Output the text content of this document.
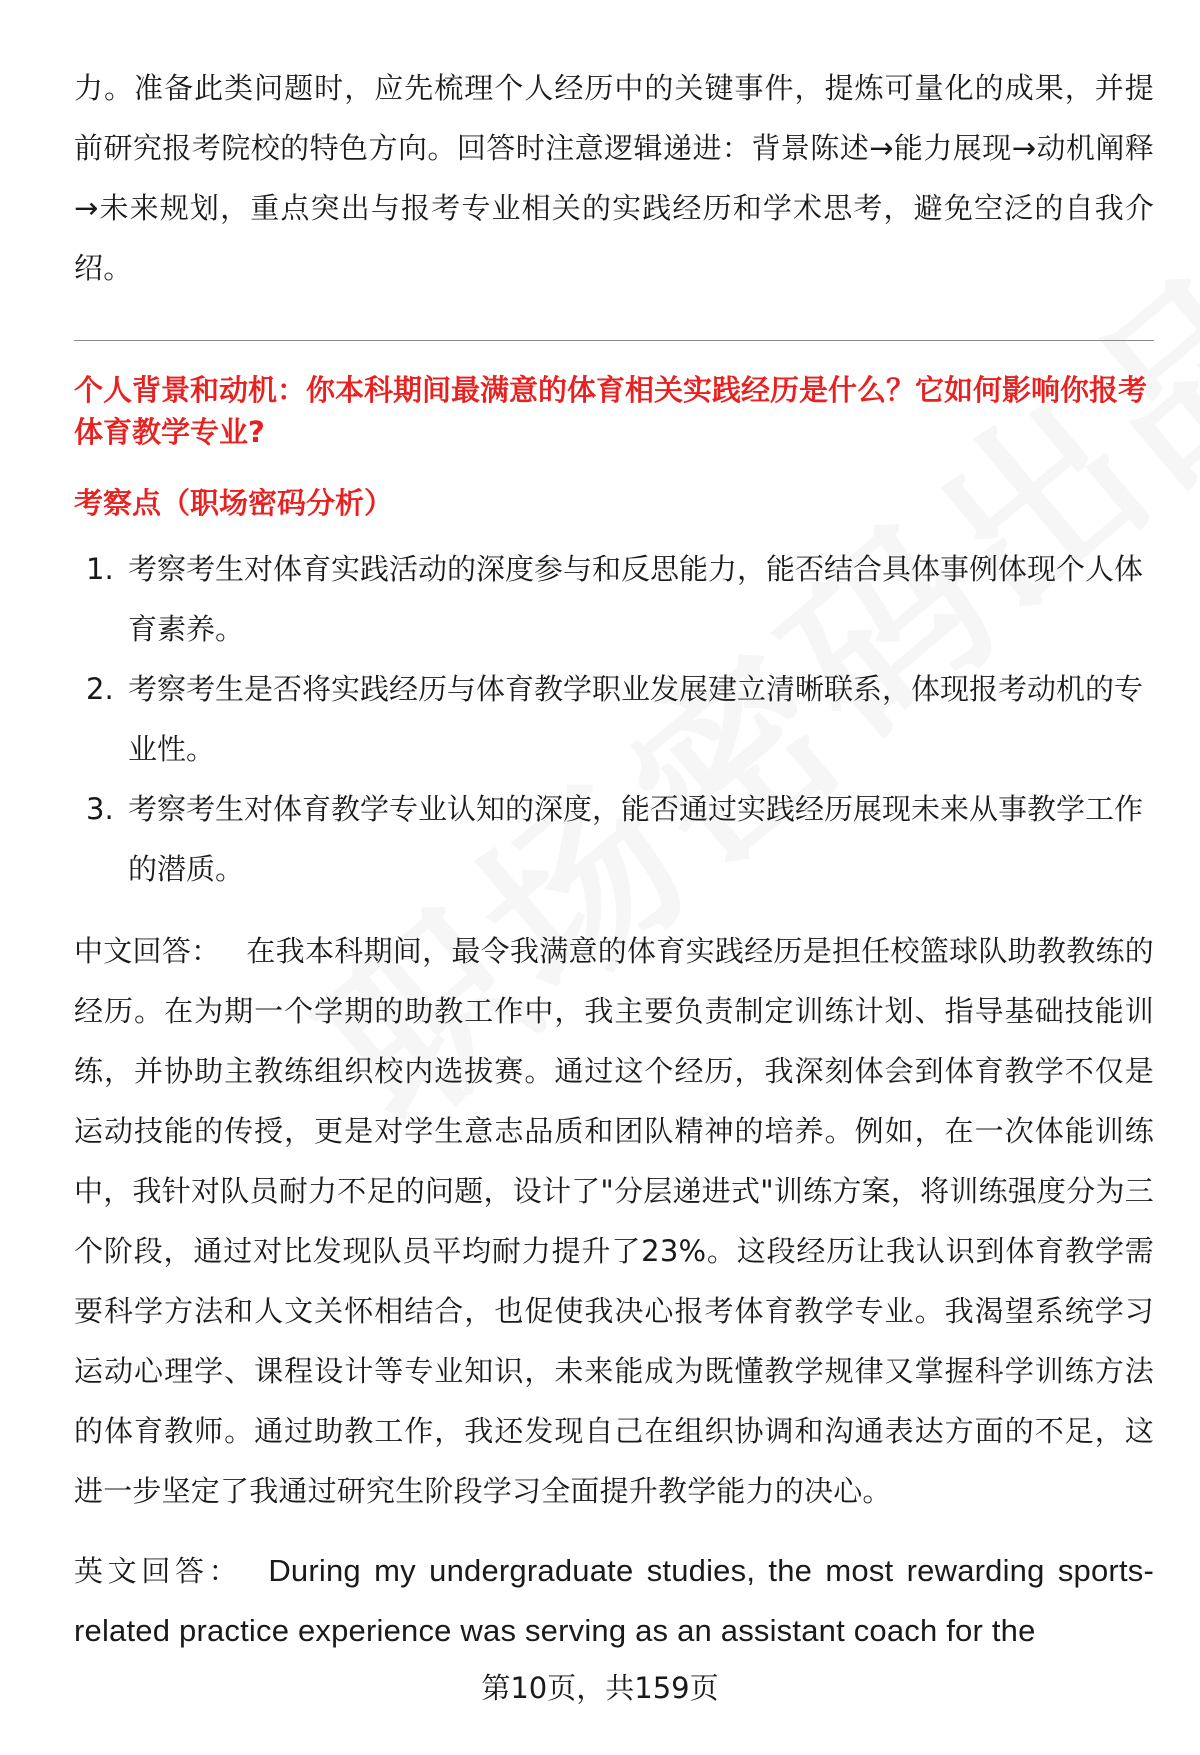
力。准备此类问题时，应先梳理个人经历中的关键事件，提炼可量化的成果，并提前研究报考院校的特色方向。回答时注意逻辑递进：背景陈述→能力展现→动机阐释→未来规划，重点突出与报考专业相关的实践经历和学术思考，避免空泛的自我介绍。

个人背景和动机：你本科期间最满意的体育相关实践经历是什么？它如何影响你报考体育教学专业?

考察点（职场密码分析）

1. 考察考生对体育实践活动的深度参与和反思能力，能否结合具体事例体现个人体育素养。
2. 考察考生是否将实践经历与体育教学职业发展建立清晰联系，体现报考动机的专业性。
3. 考察考生对体育教学专业认知的深度，能否通过实践经历展现未来从事教学工作的潜质。

中文回答： 在我本科期间，最令我满意的体育实践经历是担任校篮球队助教教练的经历。在为期一个学期的助教工作中，我主要负责制定训练计划、指导基础技能训练，并协助主教练组织校内选拔赛。通过这个经历，我深刻体会到体育教学不仅是运动技能的传授，更是对学生意志品质和团队精神的培养。例如，在一次体能训练中，我针对队员耐力不足的问题，设计了"分层递进式"训练方案，将训练强度分为三个阶段，通过对比发现队员平均耐力提升了23%。这段经历让我认识到体育教学需要科学方法和人文关怀相结合，也促使我决心报考体育教学专业。我渴望系统学习运动心理学、课程设计等专业知识，未来能成为既懂教学规律又掌握科学训练方法的体育教师。通过助教工作，我还发现自己在组织协调和沟通表达方面的不足，这进一步坚定了我通过研究生阶段学习全面提升教学能力的决心。

英文回答： During my undergraduate studies, the most rewarding sports-related practice experience was serving as an assistant coach for the

第10页，共159页
